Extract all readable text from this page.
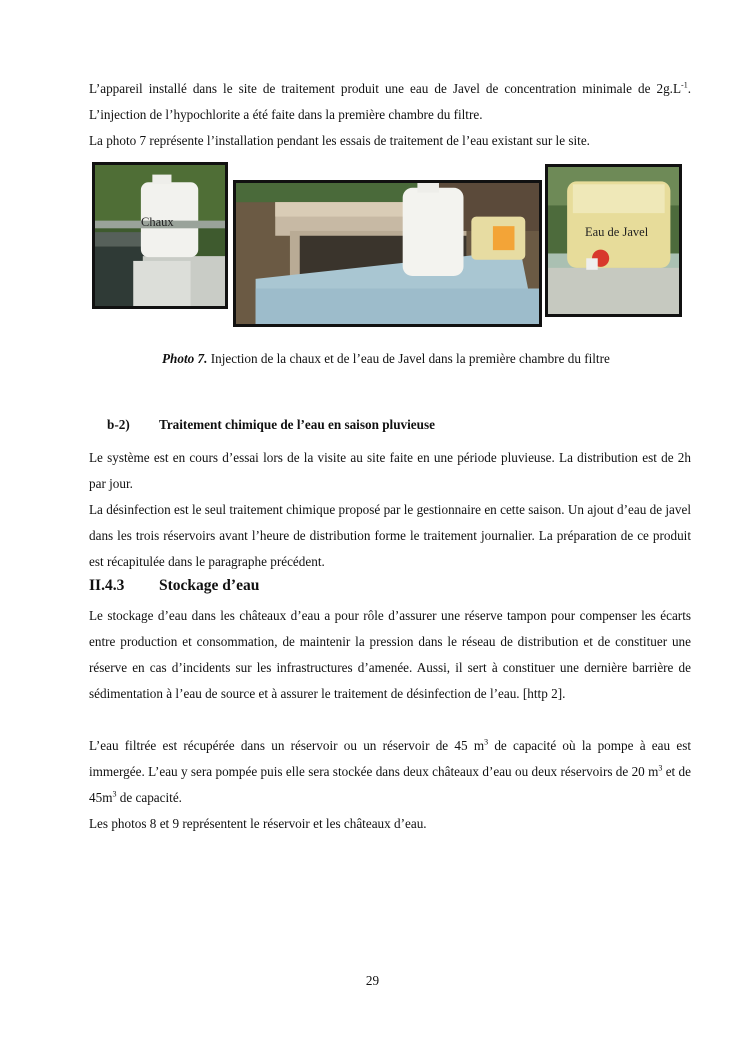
L’appareil installé dans le site de traitement produit une eau de Javel de concentration minimale de $2g.L^{-1}$. L’injection de l’hypochlorite a été faite dans la première chambre du filtre.

La photo 7 représente l’installation pendant les essais de traitement de l’eau existant sur le site.

Chaux
Eau de Javel

Photo 7. Injection de la chaux et de l’eau de Javel dans la première chambre du filtre

b-2) Traitement chimique de l’eau en saison pluvieuse

Le système est en cours d’essai lors de la visite au site faite en une période pluvieuse. La distribution est de 2h par jour.

La désinfection est le seul traitement chimique proposé par le gestionnaire en cette saison. Un ajout d’eau de javel dans les trois réservoirs avant l’heure de distribution forme le traitement journalier. La préparation de ce produit est récapitulée dans le paragraphe précédent.

II.4.3 Stockage d’eau

Le stockage d’eau dans les châteaux d’eau a pour rôle d’assurer une réserve tampon pour compenser les écarts entre production et consommation, de maintenir la pression dans le réseau de distribution et de constituer une réserve en cas d’incidents sur les infrastructures d’amenée. Aussi, il sert à constituer une dernière barrière de sédimentation à l’eau de source et à assurer le traitement de désinfection de l’eau. [http 2].

L’eau filtrée est récupérée dans un réservoir ou un réservoir de 45 $m^3$ de capacité où la pompe à eau est immergée. L’eau y sera pompée puis elle sera stockée dans deux châteaux d’eau ou deux réservoirs de 20 $m^3$ et de $45m^3$ de capacité.

Les photos 8 et 9 représentent le réservoir et les châteaux d’eau.

29
